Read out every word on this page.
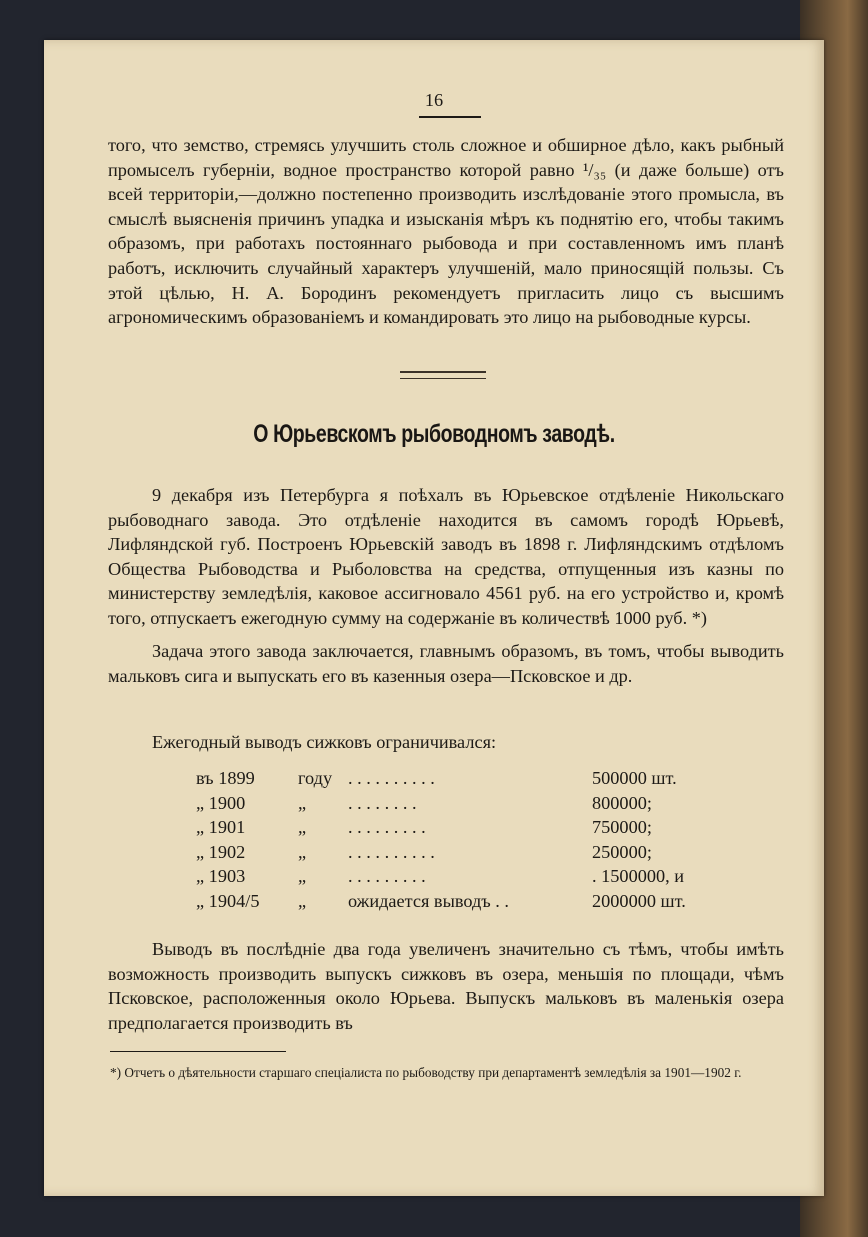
16

того, что земство, стремясь улучшить столь сложное и обширное дѣло, какъ рыбный промыселъ губерніи, водное пространство которой равно ¹/₃₅ (и даже больше) отъ всей территоріи,—должно постепенно производить изслѣдованіе этого промысла, въ смыслѣ выясненія причинъ упадка и изысканія мѣръ къ поднятію его, чтобы такимъ образомъ, при работахъ постояннаго рыбовода и при составленномъ имъ планѣ работъ, исключить случайный характеръ улучшеній, мало приносящій пользы. Съ этой цѣлью, Н. А. Бородинъ рекомендуетъ пригласить лицо съ высшимъ агрономическимъ образованіемъ и командировать это лицо на рыбоводные курсы.

О Юрьевскомъ рыбоводномъ заводѣ.

9 декабря изъ Петербурга я поѣхалъ въ Юрьевское отдѣленіе Никольскаго рыбоводнаго завода. Это отдѣленіе находится въ самомъ городѣ Юрьевѣ, Лифляндской губ. Построенъ Юрьевскій заводъ въ 1898 г. Лифляндскимъ отдѣломъ Общества Рыбоводства и Рыболовства на средства, отпущенныя изъ казны по министерству земледѣлія, каковое ассигновало 4561 руб. на его устройство и, кромѣ того, отпускаетъ ежегодную сумму на содержаніе въ количествѣ 1000 руб. *)

Задача этого завода заключается, главнымъ образомъ, въ томъ, чтобы выводить мальковъ сига и выпускать его въ казенныя озера—Псковское и др.

Ежегодный выводъ сижковъ ограничивался:
въ 1899	году	. . . . . . . . . .	500000 шт.
„ 1900	„	. . . . . . . .	800000;
„ 1901	„	. . . . . . . . .	750000;
„ 1902	„	. . . . . . . . . .	250000;
„ 1903	„	. . . . . . . . .	. 1500000, и
„ 1904/5	„	ожидается выводъ . .	2000000 шт.

Выводъ въ послѣдніе два года увеличенъ значительно съ тѣмъ, чтобы имѣть возможность производить выпускъ сижковъ въ озера, меньшія по площади, чѣмъ Псковское, расположенныя около Юрьева. Выпускъ мальковъ въ маленькія озера предполагается производить въ

*) Отчетъ о дѣятельности старшаго спеціалиста по рыбоводству при департаментѣ земледѣлія за 1901—1902 г.
